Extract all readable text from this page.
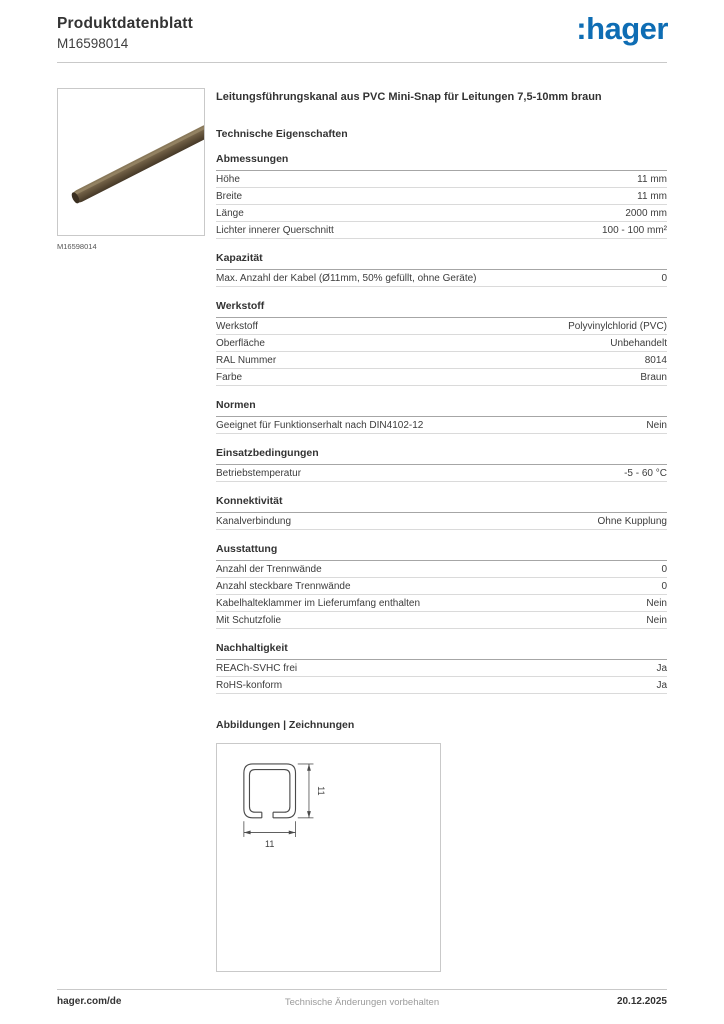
Produktdatenblatt
M16598014	:hager
M16598014
Leitungsführungskanal aus PVC Mini-Snap für Leitungen 7,5-10mm braun
Technische Eigenschaften
Abmessungen
Höhe	11 mm
Breite	11 mm
Länge	2000 mm
Lichter innerer Querschnitt	100 - 100 mm²
Kapazität
Max. Anzahl der Kabel (Ø11mm, 50% gefüllt, ohne Geräte)	0
Werkstoff
Werkstoff	Polyvinylchlorid (PVC)
Oberfläche	Unbehandelt
RAL Nummer	8014
Farbe	Braun
Normen
Geeignet für Funktionserhalt nach DIN4102-12	Nein
Einsatzbedingungen
Betriebstemperatur	-5 - 60 °C
Konnektivität
Kanalverbindung	Ohne Kupplung
Ausstattung
Anzahl der Trennwände	0
Anzahl steckbare Trennwände	0
Kabelhalteklammer im Lieferumfang enthalten	Nein
Mit Schutzfolie	Nein
Nachhaltigkeit
REACh-SVHC frei	Ja
RoHS-konform	Ja
Abbildungen | Zeichnungen
11
11
hager.com/de	Technische Änderungen vorbehalten	20.12.2025
